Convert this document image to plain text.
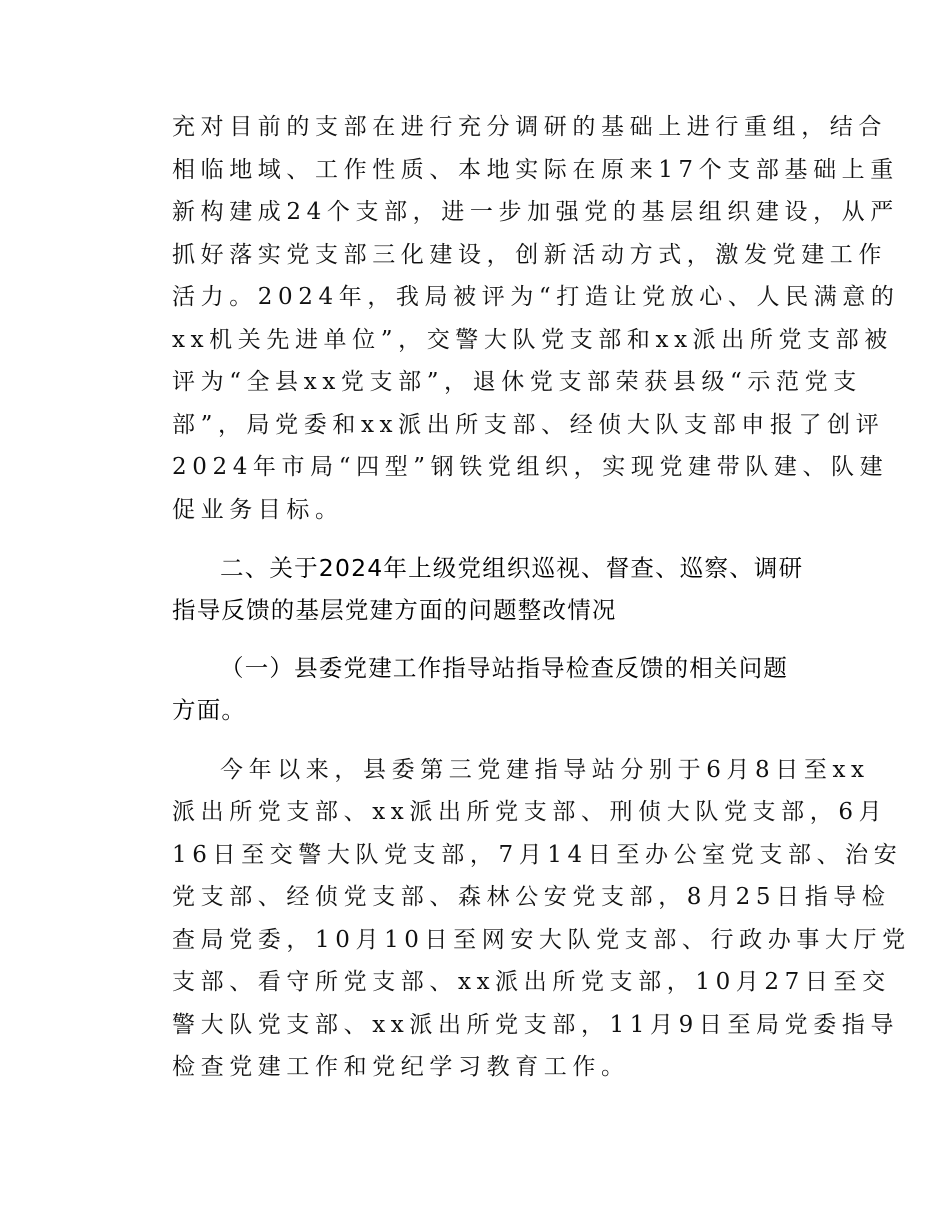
充对目前的支部在进行充分调研的基础上进行重组，结合
相临地域、工作性质、本地实际在原来17个支部基础上重
新构建成24个支部，进一步加强党的基层组织建设，从严
抓好落实党支部三化建设，创新活动方式，激发党建工作
活力。2024年，我局被评为“打造让党放心、人民满意的
xx机关先进单位”，交警大队党支部和xx派出所党支部被
评为“全县xx党支部”，退休党支部荣获县级“示范党支
部”，局党委和xx派出所支部、经侦大队支部申报了创评
2024年市局“四型”钢铁党组织，实现党建带队建、队建
促业务目标。
二、关于2024年上级党组织巡视、督查、巡察、调研
指导反馈的基层党建方面的问题整改情况
（一）县委党建工作指导站指导检查反馈的相关问题
方面。
今年以来，县委第三党建指导站分别于6月8日至xx
派出所党支部、xx派出所党支部、刑侦大队党支部，6月
16日至交警大队党支部，7月14日至办公室党支部、治安
党支部、经侦党支部、森林公安党支部，8月25日指导检
查局党委，10月10日至网安大队党支部、行政办事大厅党
支部、看守所党支部、xx派出所党支部，10月27日至交
警大队党支部、xx派出所党支部，11月9日至局党委指导
检查党建工作和党纪学习教育工作。
